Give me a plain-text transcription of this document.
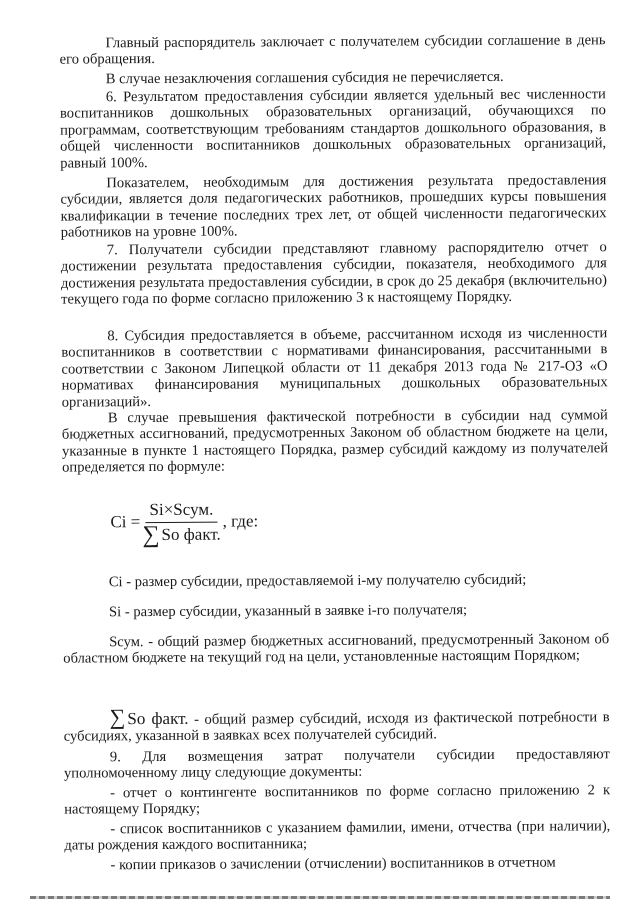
Главный распорядитель заключает с получателем субсидии соглашение в день его обращения.

В случае незаключения соглашения субсидия не перечисляется.

6. Результатом предоставления субсидии является удельный вес численности воспитанников дошкольных образовательных организаций, обучающихся по программам, соответствующим требованиям стандартов дошкольного образования, в общей численности воспитанников дошкольных образовательных организаций, равный 100%.

Показателем, необходимым для достижения результата предоставления субсидии, является доля педагогических работников, прошедших курсы повышения квалификации в течение последних трех лет, от общей численности педагогических работников на уровне 100%.

7. Получатели субсидии представляют главному распорядителю отчет о достижении результата предоставления субсидии, показателя, необходимого для достижения результата предоставления субсидии, в срок до 25 декабря (включительно) текущего года по форме согласно приложению 3 к настоящему Порядку.

8. Субсидия предоставляется в объеме, рассчитанном исходя из численности воспитанников в соответствии с нормативами финансирования, рассчитанными в соответствии с Законом Липецкой области от 11 декабря 2013 года № 217-ОЗ «О нормативах финансирования муниципальных дошкольных образовательных организаций».

В случае превышения фактической потребности в субсидии над суммой бюджетных ассигнований, предусмотренных Законом об областном бюджете на цели, указанные в пункте 1 настоящего Порядка, размер субсидий каждому из получателей определяется по формуле:

$Ci = \frac{\text{Si×Sсум.}}{\text{∑ So факт.}}$ , где:

Ci - размер субсидии, предоставляемой i-му получателю субсидий;

Si - размер субсидии, указанный в заявке i-го получателя;

Sсум. - общий размер бюджетных ассигнований, предусмотренный Законом об областном бюджете на текущий год на цели, установленные настоящим Порядком;

∑ So факт. - общий размер субсидий, исходя из фактической потребности в субсидиях, указанной в заявках всех получателей субсидий.

9. Для возмещения затрат получатели субсидии предоставляют уполномоченному лицу следующие документы:

- отчет о контингенте воспитанников по форме согласно приложению 2 к настоящему Порядку;

- список воспитанников с указанием фамилии, имени, отчества (при наличии), даты рождения каждого воспитанника;

- копии приказов о зачислении (отчислении) воспитанников в отчетном
